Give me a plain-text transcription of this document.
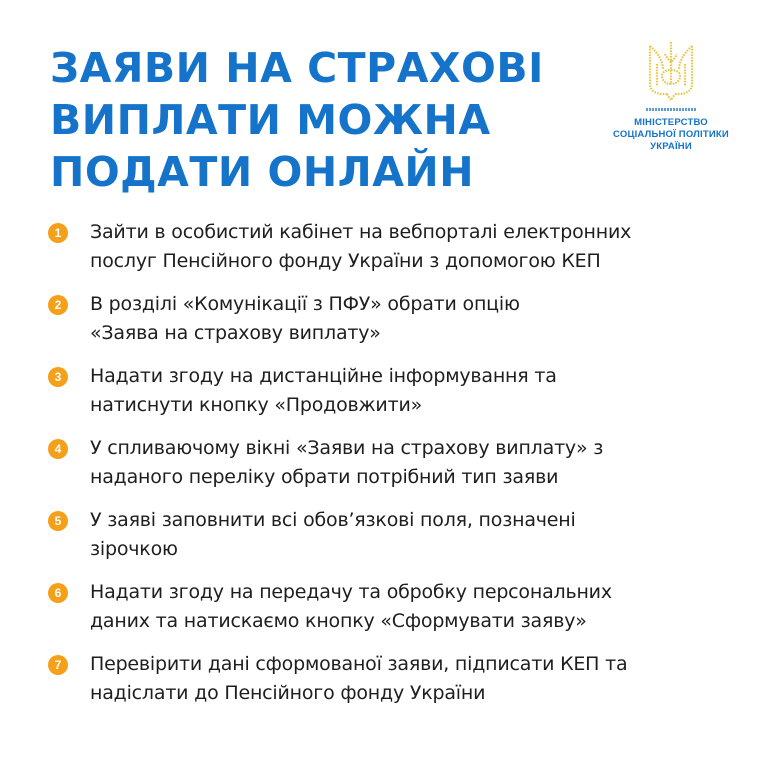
ЗАЯВИ НА СТРАХОВІ
ВИПЛАТИ МОЖНА
ПОДАТИ ОНЛАЙН
МІНІСТЕРСТВО
СОЦІАЛЬНОЇ ПОЛІТИКИ
УКРАЇНИ
1	Зайти в особистий кабінет на вебпорталі електронних
послуг Пенсійного фонду України з допомогою КЕП
2	В розділі «Комунікації з ПФУ» обрати опцію
«Заява на страхову виплату»
3	Надати згоду на дистанційне інформування та
натиснути кнопку «Продовжити»
4	У спливаючому вікні «Заяви на страхову виплату» з
наданого переліку обрати потрібний тип заяви
5	У заяві заповнити всі обов’язкові поля, позначені
зірочкою
6	Надати згоду на передачу та обробку персональних
даних та натискаємо кнопку «Сформувати заяву»
7	Перевірити дані сформованої заяви, підписати КЕП та
надіслати до Пенсійного фонду України
